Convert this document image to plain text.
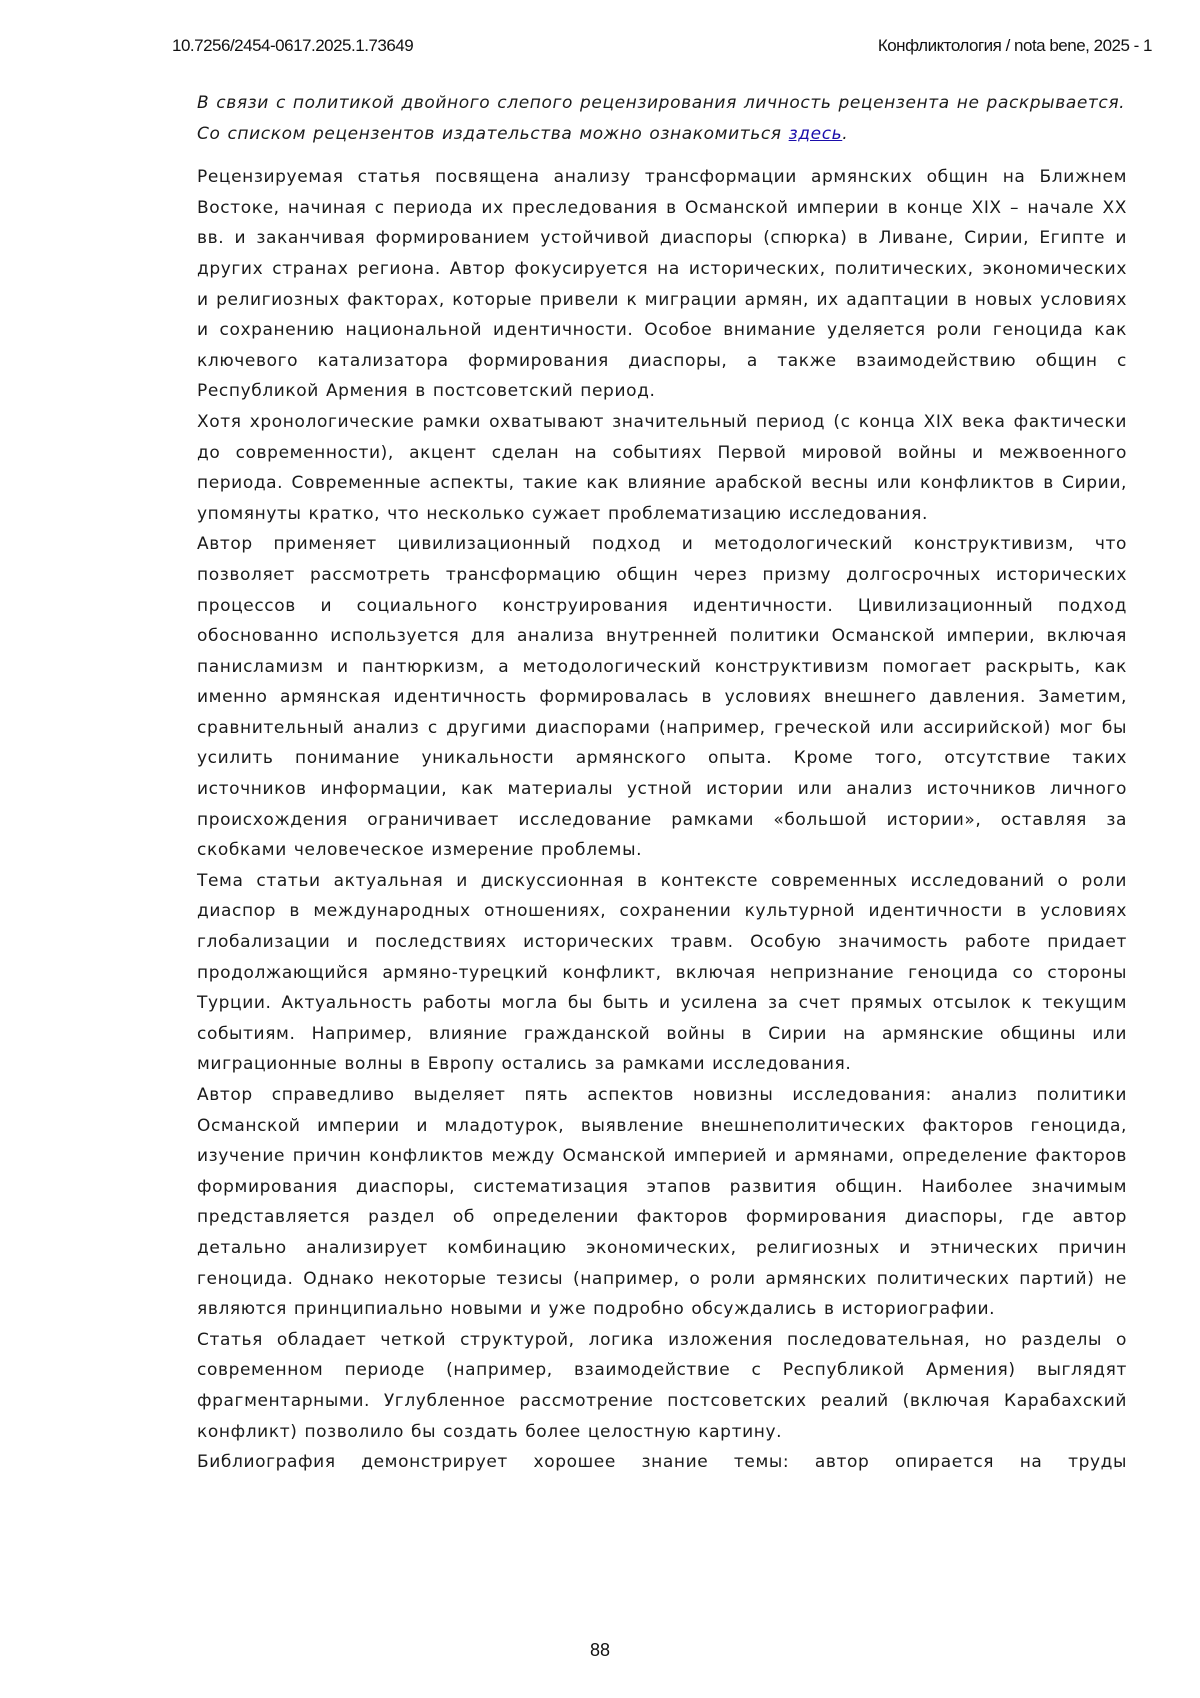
10.7256/2454-0617.2025.1.73649	Конфликтология / nota bene, 2025 - 1

В связи с политикой двойного слепого рецензирования личность рецензента не раскрывается.

Со списком рецензентов издательства можно ознакомиться здесь.

Рецензируемая статья посвящена анализу трансформации армянских общин на Ближнем Востоке, начиная с периода их преследования в Османской империи в конце XIX – начале XX вв. и заканчивая формированием устойчивой диаспоры (спюрка) в Ливане, Сирии, Египте и других странах региона. Автор фокусируется на исторических, политических, экономических и религиозных факторах, которые привели к миграции армян, их адаптации в новых условиях и сохранению национальной идентичности. Особое внимание уделяется роли геноцида как ключевого катализатора формирования диаспоры, а также взаимодействию общин с Республикой Армения в постсоветский период.

Хотя хронологические рамки охватывают значительный период (с конца XIX века фактически до современности), акцент сделан на событиях Первой мировой войны и межвоенного периода. Современные аспекты, такие как влияние арабской весны или конфликтов в Сирии, упомянуты кратко, что несколько сужает проблематизацию исследования.

Автор применяет цивилизационный подход и методологический конструктивизм, что позволяет рассмотреть трансформацию общин через призму долгосрочных исторических процессов и социального конструирования идентичности. Цивилизационный подход обоснованно используется для анализа внутренней политики Османской империи, включая панисламизм и пантюркизм, а методологический конструктивизм помогает раскрыть, как именно армянская идентичность формировалась в условиях внешнего давления. Заметим, сравнительный анализ с другими диаспорами (например, греческой или ассирийской) мог бы усилить понимание уникальности армянского опыта. Кроме того, отсутствие таких источников информации, как материалы устной истории или анализ источников личного происхождения ограничивает исследование рамками «большой истории», оставляя за скобками человеческое измерение проблемы.

Тема статьи актуальная и дискуссионная в контексте современных исследований о роли диаспор в международных отношениях, сохранении культурной идентичности в условиях глобализации и последствиях исторических травм. Особую значимость работе придает продолжающийся армяно-турецкий конфликт, включая непризнание геноцида со стороны Турции. Актуальность работы могла бы быть и усилена за счет прямых отсылок к текущим событиям. Например, влияние гражданской войны в Сирии на армянские общины или миграционные волны в Европу остались за рамками исследования.

Автор справедливо выделяет пять аспектов новизны исследования: анализ политики Османской империи и младотурок, выявление внешнеполитических факторов геноцида, изучение причин конфликтов между Османской империей и армянами, определение факторов формирования диаспоры, систематизация этапов развития общин. Наиболее значимым представляется раздел об определении факторов формирования диаспоры, где автор детально анализирует комбинацию экономических, религиозных и этнических причин геноцида. Однако некоторые тезисы (например, о роли армянских политических партий) не являются принципиально новыми и уже подробно обсуждались в историографии.

Статья обладает четкой структурой, логика изложения последовательная, но разделы о современном периоде (например, взаимодействие с Республикой Армения) выглядят фрагментарными. Углубленное рассмотрение постсоветских реалий (включая Карабахский конфликт) позволило бы создать более целостную картину.

Библиография демонстрирует хорошее знание темы: автор опирается на труды

88
